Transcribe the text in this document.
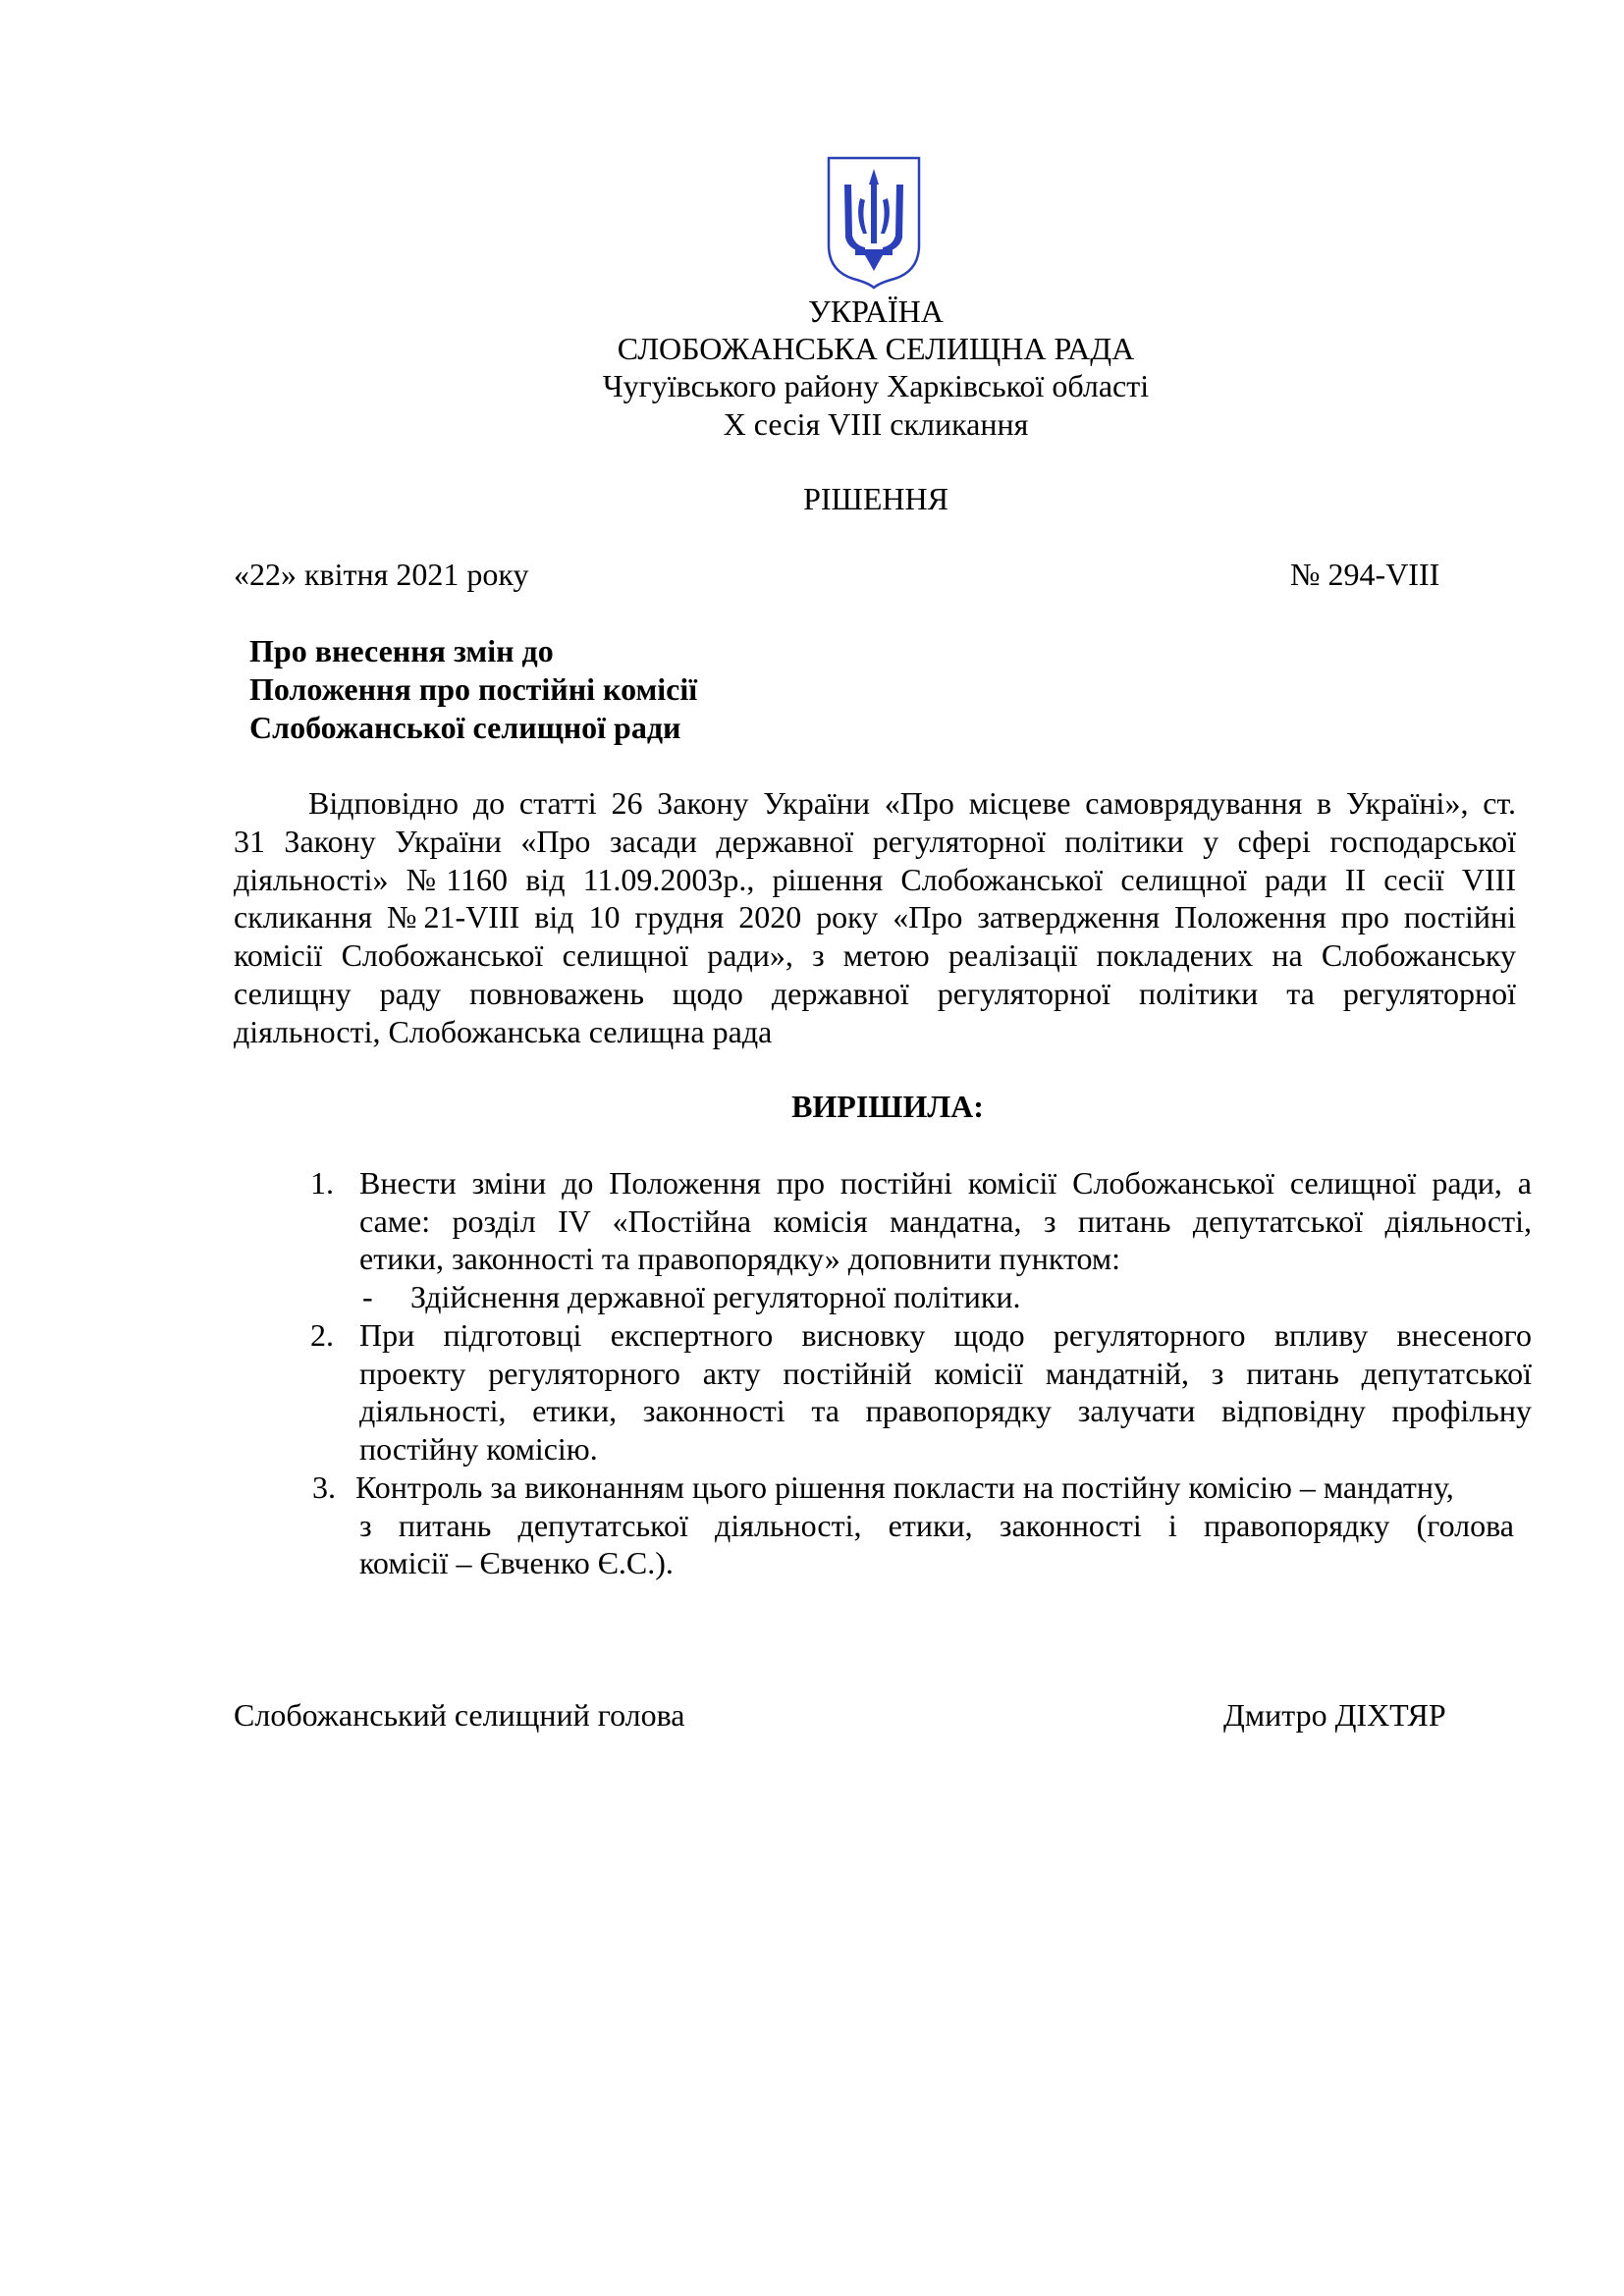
УКРАЇНА
СЛОБОЖАНСЬКА СЕЛИЩНА РАДА
Чугуївського району Харківської області
X сесія VIII скликання
РІШЕННЯ
«22» квітня 2021 року	№ 294-VIII
Про внесення змін до
Положення про постійні комісії
Слобожанської селищної ради
Відповідно до статті 26 Закону України «Про місцеве самоврядування в Україні», ст.
31 Закону України «Про засади державної регуляторної політики у сфері господарської
діяльності» №1160 від 11.09.2003р., рішення Слобожанської селищної ради II сесії VIII
скликання №21-VIII від 10 грудня 2020 року «Про затвердження Положення про постійні
комісії Слобожанської селищної ради», з метою реалізації покладених на Слобожанську
селищну раду повноважень щодо державної регуляторної політики та регуляторної
діяльності, Слобожанська селищна рада
ВИРІШИЛА:
1. Внести зміни до Положення про постійні комісії Слобожанської селищної ради, а
саме: розділ IV «Постійна комісія мандатна, з питань депутатської діяльності,
етики, законності та правопорядку» доповнити пунктом:
- Здійснення державної регуляторної політики.
2. При підготовці експертного висновку щодо регуляторного впливу внесеного
проекту регуляторного акту постійній комісії мандатній, з питань депутатської
діяльності, етики, законності та правопорядку залучати відповідну профільну
постійну комісію.
3. Контроль за виконанням цього рішення покласти на постійну комісію – мандатну,
з питань депутатської діяльності, етики, законності і правопорядку (голова
комісії – Євченко Є.С.).
Слобожанський селищний голова	Дмитро ДІХТЯР
